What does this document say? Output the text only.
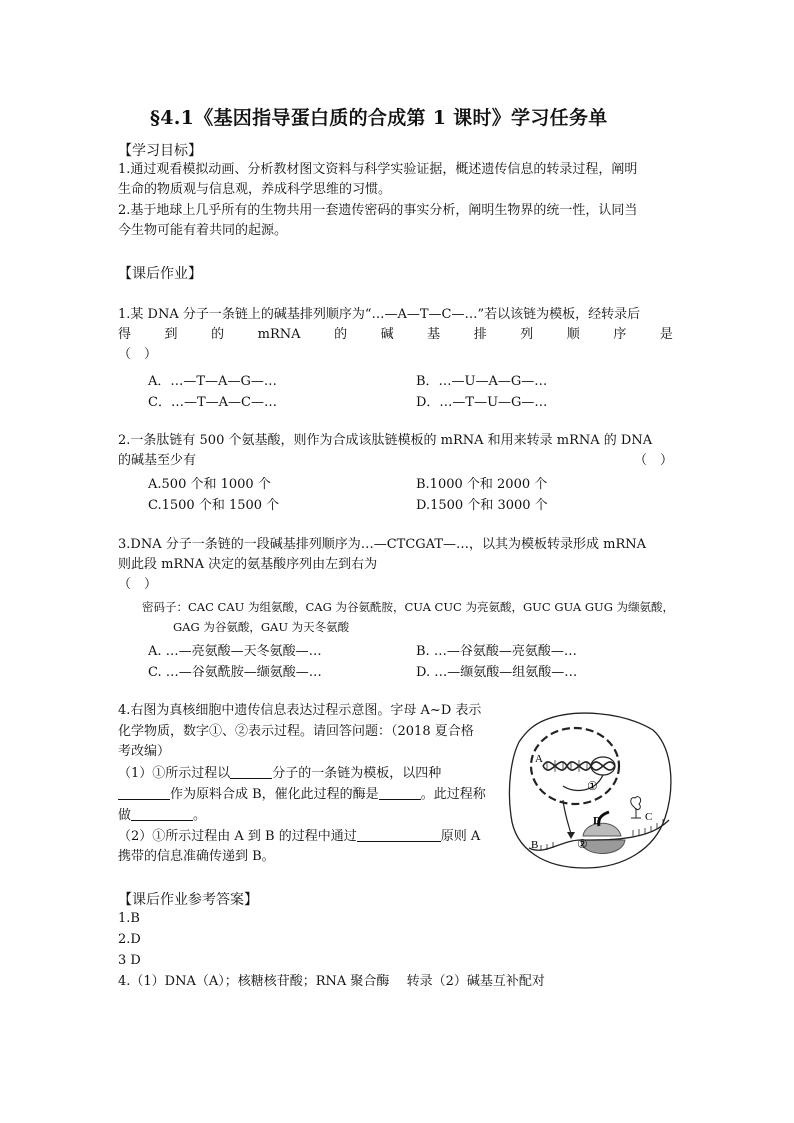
§4.1《基因指导蛋白质的合成第 1 课时》学习任务单
【学习目标】
1.通过观看模拟动画、分析教材图文资料与科学实验证据，概述遗传信息的转录过程，阐明
生命的物质观与信息观，养成科学思维的习惯。
2.基于地球上几乎所有的生物共用一套遗传密码的事实分析，阐明生物界的统一性，认同当
今生物可能有着共同的起源。
【课后作业】
1.某 DNA 分子一条链上的碱基排列顺序为“…—A—T—C—…”若以该链为模板，经转录后
得	到	的	mRNA	的	碱	基	排	列	顺	序	是
（　）
A．…—T—A—G—…	B．…—U—A—G—…
C．…—T—A—C—…	D．…—T—U—G—…
2.一条肽链有 500 个氨基酸，则作为合成该肽链模板的 mRNA 和用来转录 mRNA 的 DNA
的碱基至少有	（　）
A.500 个和 1000 个	B.1000 个和 2000 个
C.1500 个和 1500 个	D.1500 个和 3000 个
3.DNA 分子一条链的一段碱基排列顺序为…—CTCGAT—…，以其为模板转录形成 mRNA
则此段 mRNA 决定的氨基酸序列由左到右为
（　）
密码子：CAC CAU 为组氨酸，CAG 为谷氨酰胺，CUA CUC 为亮氨酸，GUC GUA GUG 为缬氨酸，
GAG 为谷氨酸，GAU 为天冬氨酸
A. …—亮氨酸—天冬氨酸—…	B. …—谷氨酸—亮氨酸—…
C. …—谷氨酰胺—缬氨酸—…	D. …—缬氨酸—组氨酸—…
4.右图为真核细胞中遗传信息表达过程示意图。字母 A~D 表示
化学物质，数字①、②表示过程。请回答问题：（2018 夏合格
考改编）
（1）①所示过程以	分子的一条链为模板，以四种
作为原料合成 B，催化此过程的酶是	。此过程称
做	。
（2）①所示过程由 A 到 B 的过程中通过	原则 A
携带的信息准确传递到 B。
A
①
C
D
②
B
【课后作业参考答案】
1.B
2.D
3 D
4.（1）DNA（A）；核糖核苷酸；RNA 聚合酶　 转录（2）碱基互补配对
